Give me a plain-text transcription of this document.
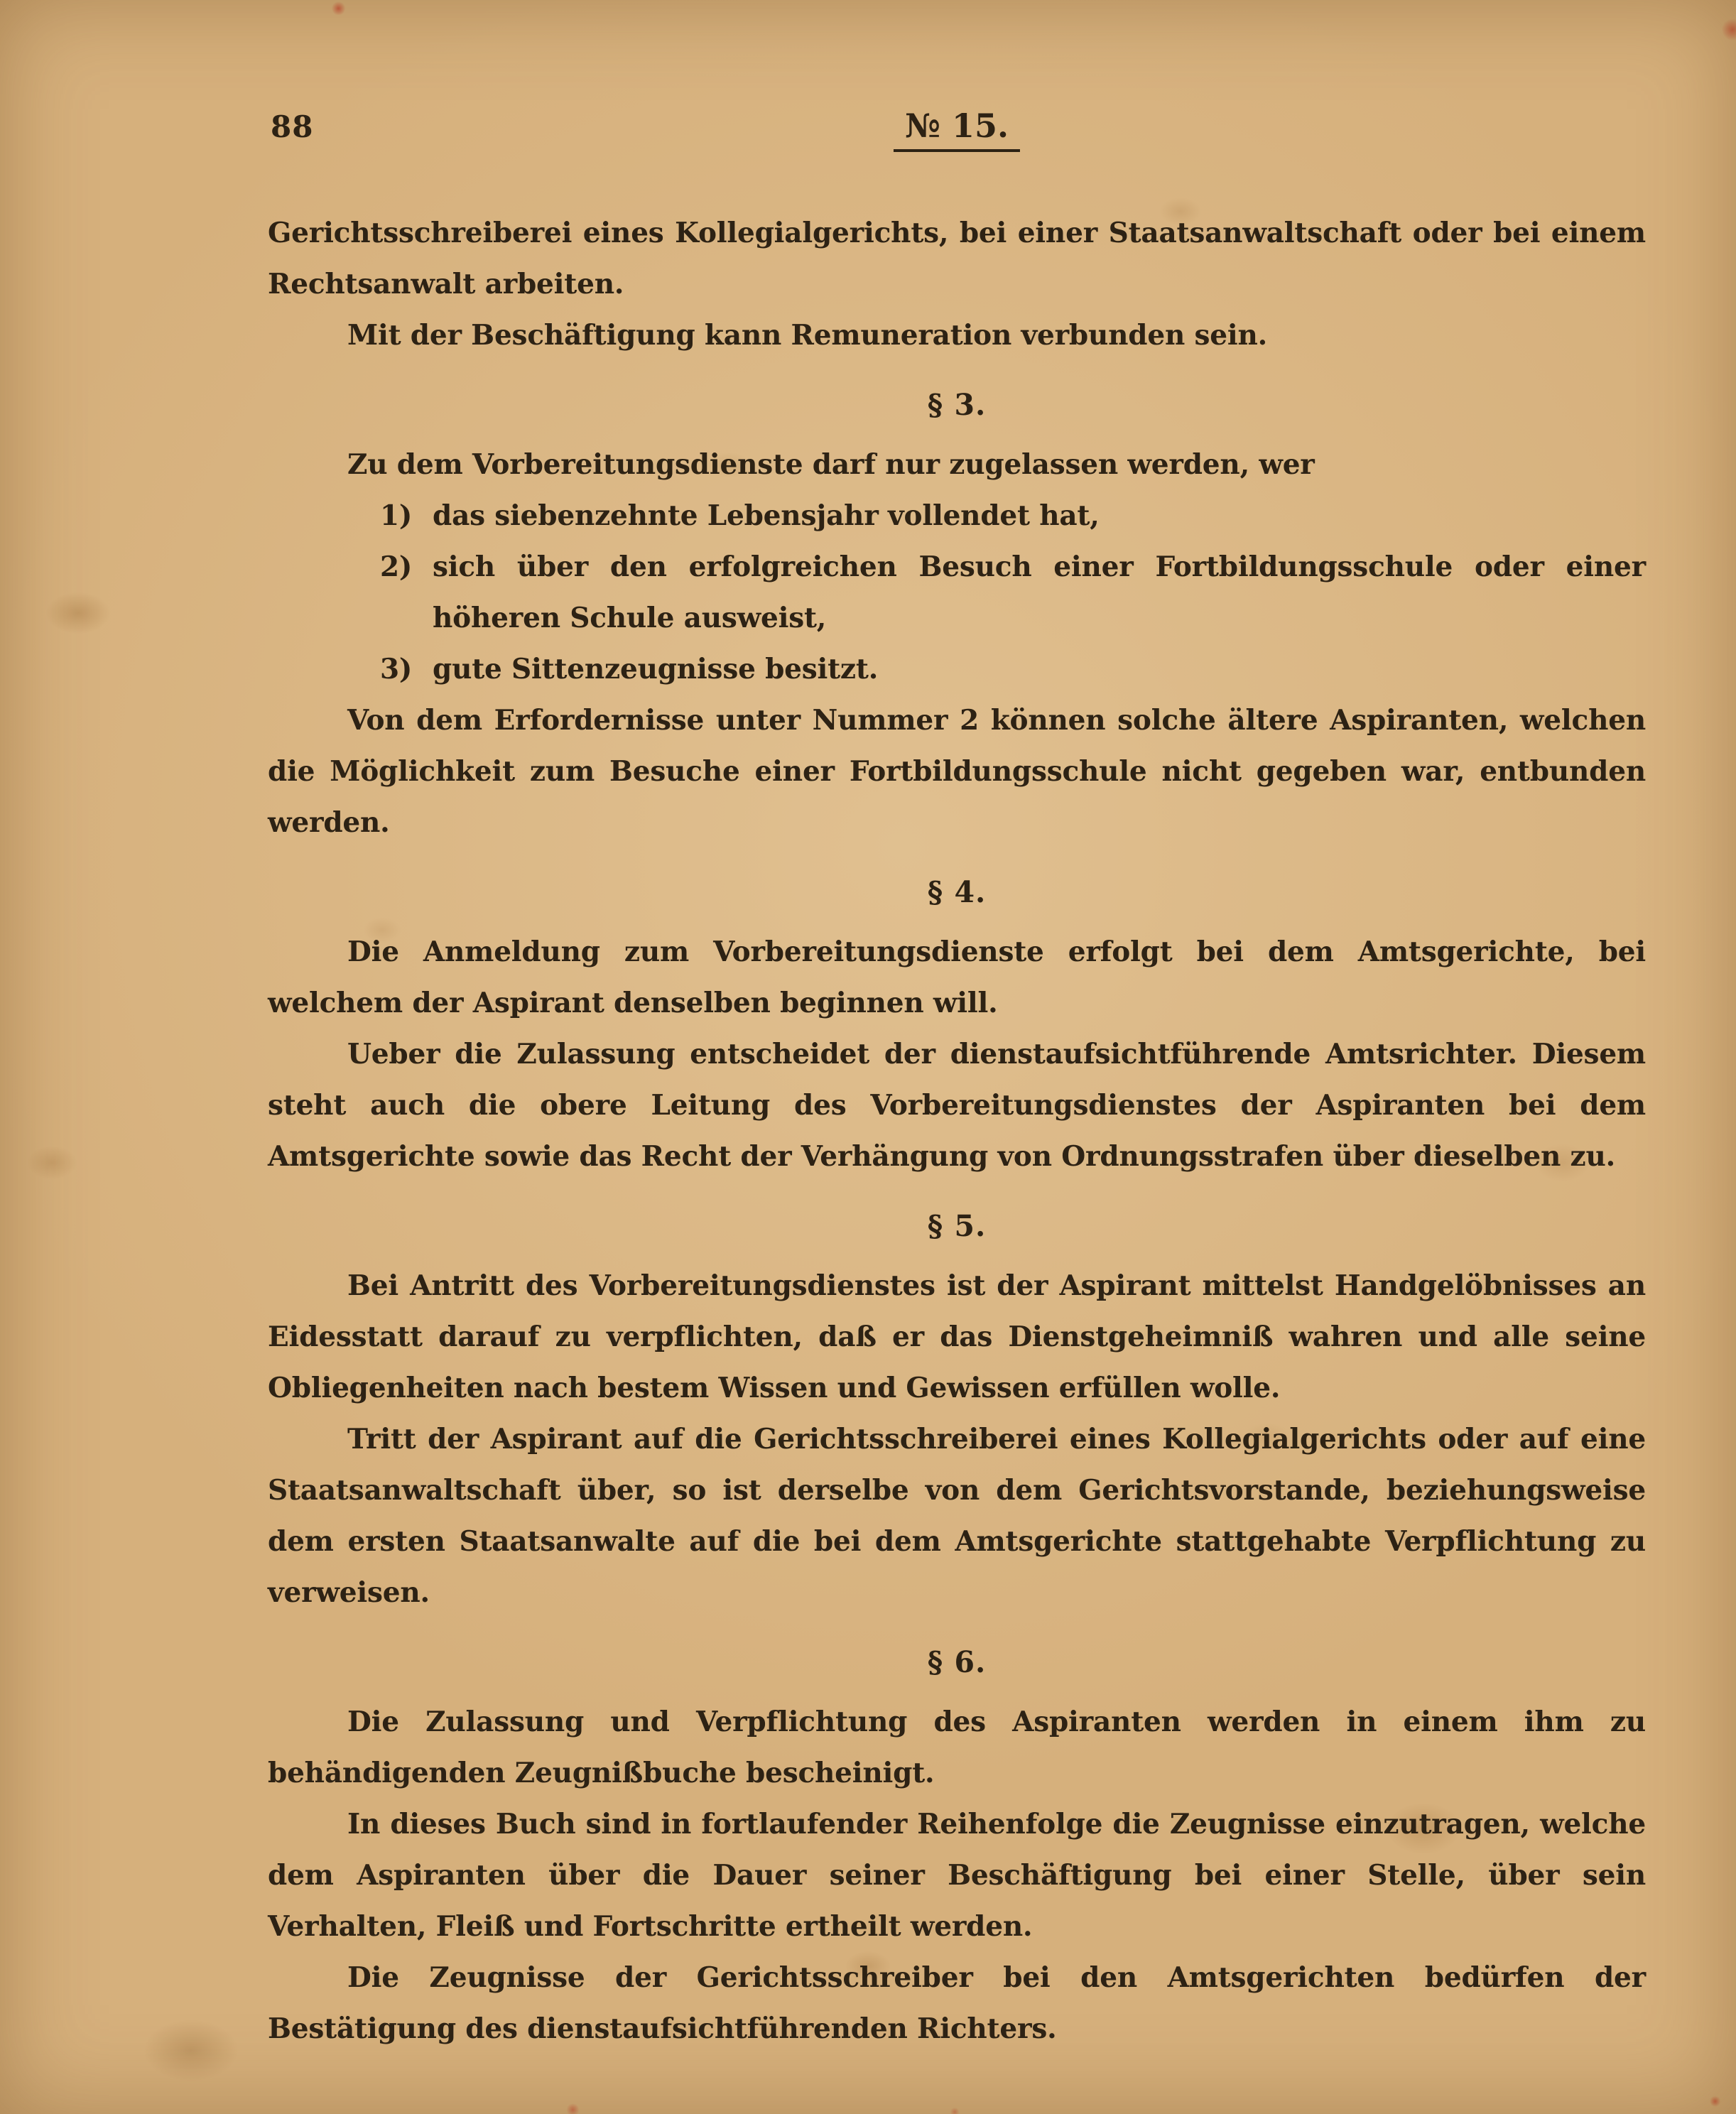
88	№ 15.

Gerichtsschreiberei eines Kollegialgerichts, bei einer Staatsanwaltschaft oder bei einem Rechtsanwalt arbeiten.

Mit der Beschäftigung kann Remuneration verbunden sein.

§ 3.

Zu dem Vorbereitungsdienste darf nur zugelassen werden, wer

1) das siebenzehnte Lebensjahr vollendet hat,

2) sich über den erfolgreichen Besuch einer Fortbildungsschule oder einer höheren Schule ausweist,

3) gute Sittenzeugnisse besitzt.

Von dem Erfordernisse unter Nummer 2 können solche ältere Aspiranten, welchen die Möglichkeit zum Besuche einer Fortbildungsschule nicht gegeben war, entbunden werden.

§ 4.

Die Anmeldung zum Vorbereitungsdienste erfolgt bei dem Amtsgerichte, bei welchem der Aspirant denselben beginnen will.

Ueber die Zulassung entscheidet der dienstaufsichtführende Amtsrichter. Diesem steht auch die obere Leitung des Vorbereitungsdienstes der Aspiranten bei dem Amtsgerichte sowie das Recht der Verhängung von Ordnungsstrafen über dieselben zu.

§ 5.

Bei Antritt des Vorbereitungsdienstes ist der Aspirant mittelst Handgelöbnisses an Eidesstatt darauf zu verpflichten, daß er das Dienstgeheimniß wahren und alle seine Obliegenheiten nach bestem Wissen und Gewissen erfüllen wolle.

Tritt der Aspirant auf die Gerichtsschreiberei eines Kollegialgerichts oder auf eine Staatsanwaltschaft über, so ist derselbe von dem Gerichtsvorstande, beziehungsweise dem ersten Staatsanwalte auf die bei dem Amtsgerichte stattgehabte Verpflichtung zu verweisen.

§ 6.

Die Zulassung und Verpflichtung des Aspiranten werden in einem ihm zu behändigenden Zeugnißbuche bescheinigt.

In dieses Buch sind in fortlaufender Reihenfolge die Zeugnisse einzutragen, welche dem Aspiranten über die Dauer seiner Beschäftigung bei einer Stelle, über sein Verhalten, Fleiß und Fortschritte ertheilt werden.

Die Zeugnisse der Gerichtsschreiber bei den Amtsgerichten bedürfen der Bestätigung des dienstaufsichtführenden Richters.
